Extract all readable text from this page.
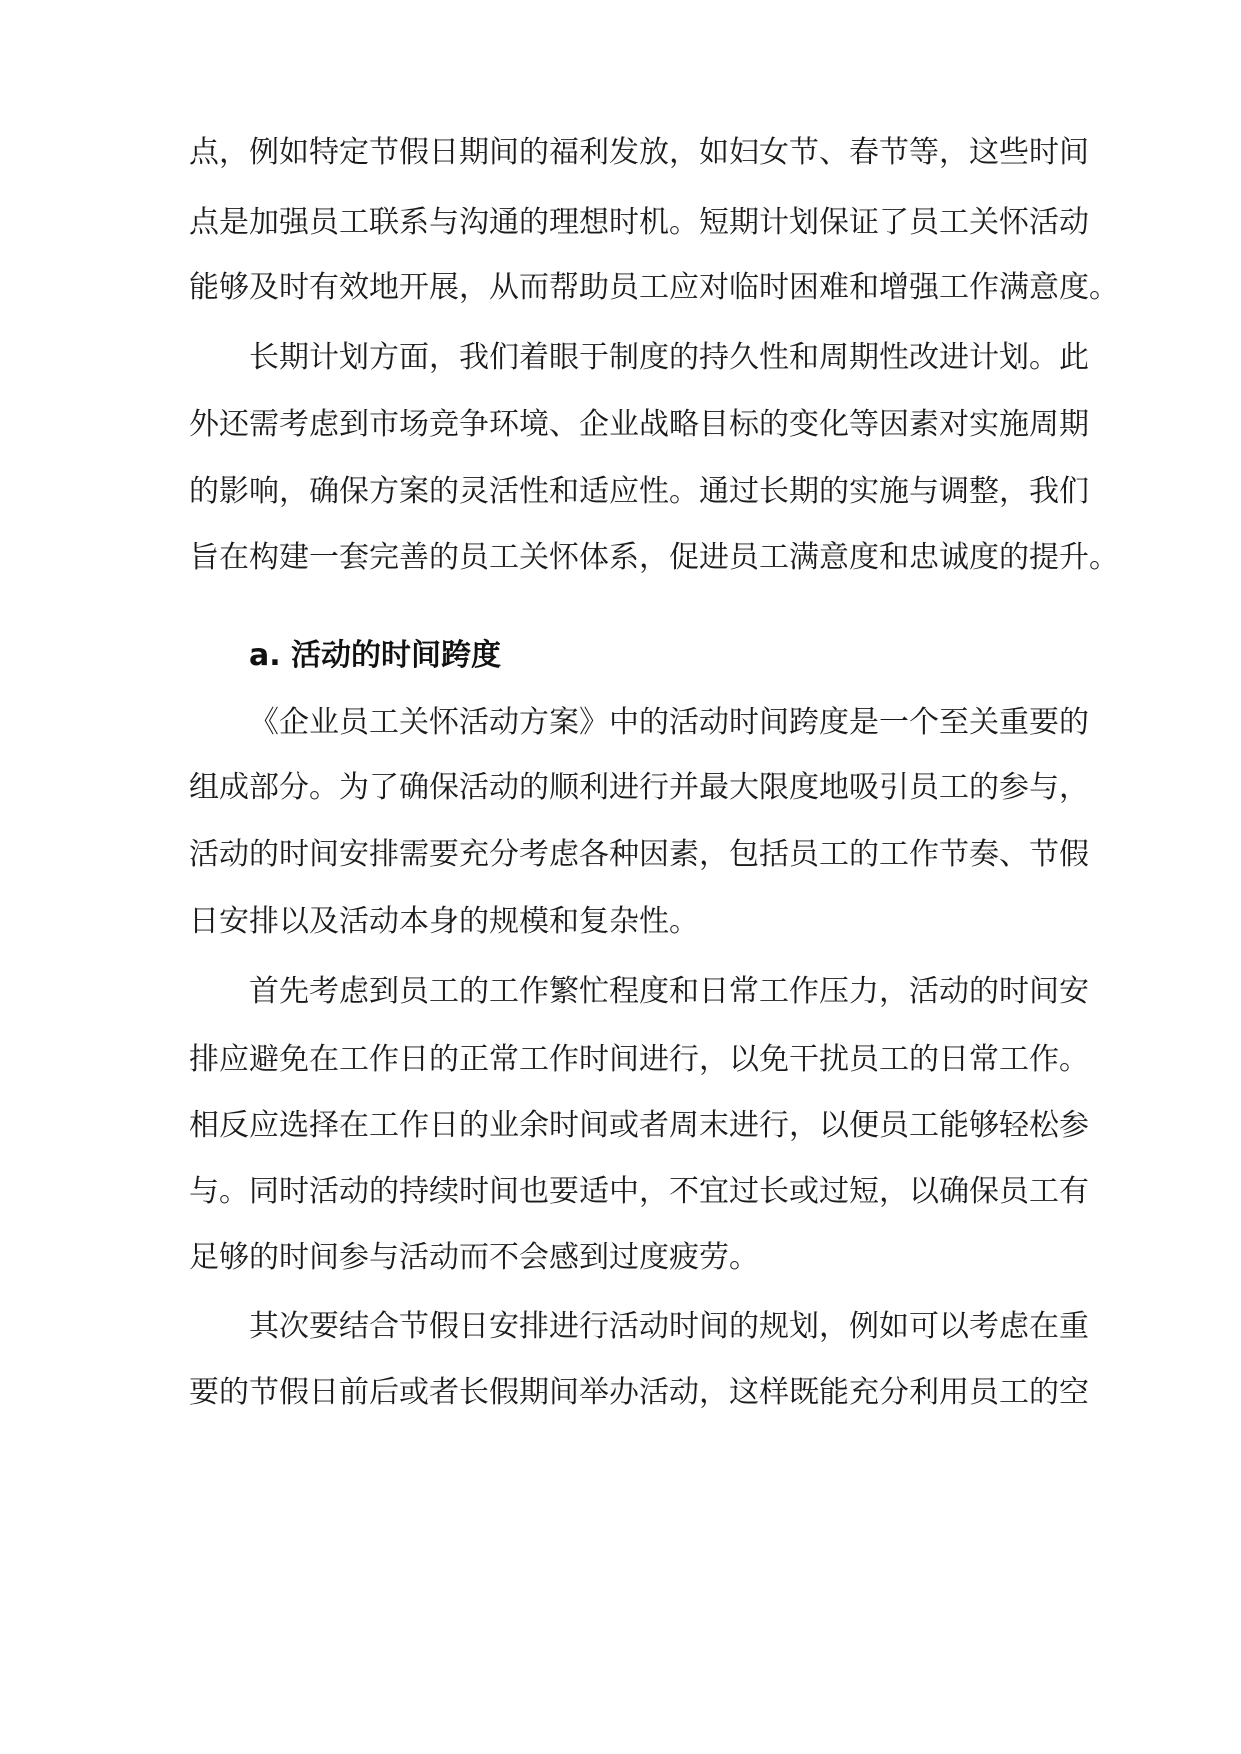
点，例如特定节假日期间的福利发放，如妇女节、春节等，这些时间
点是加强员工联系与沟通的理想时机。短期计划保证了员工关怀活动
能够及时有效地开展，从而帮助员工应对临时困难和增强工作满意度。
长期计划方面，我们着眼于制度的持久性和周期性改进计划。此
外还需考虑到市场竞争环境、企业战略目标的变化等因素对实施周期
的影响，确保方案的灵活性和适应性。通过长期的实施与调整，我们
旨在构建一套完善的员工关怀体系，促进员工满意度和忠诚度的提升。
a. 活动的时间跨度
《企业员工关怀活动方案》中的活动时间跨度是一个至关重要的
组成部分。为了确保活动的顺利进行并最大限度地吸引员工的参与，
活动的时间安排需要充分考虑各种因素，包括员工的工作节奏、节假
日安排以及活动本身的规模和复杂性。
首先考虑到员工的工作繁忙程度和日常工作压力，活动的时间安
排应避免在工作日的正常工作时间进行，以免干扰员工的日常工作。
相反应选择在工作日的业余时间或者周末进行，以便员工能够轻松参
与。同时活动的持续时间也要适中，不宜过长或过短，以确保员工有
足够的时间参与活动而不会感到过度疲劳。
其次要结合节假日安排进行活动时间的规划，例如可以考虑在重
要的节假日前后或者长假期间举办活动，这样既能充分利用员工的空
